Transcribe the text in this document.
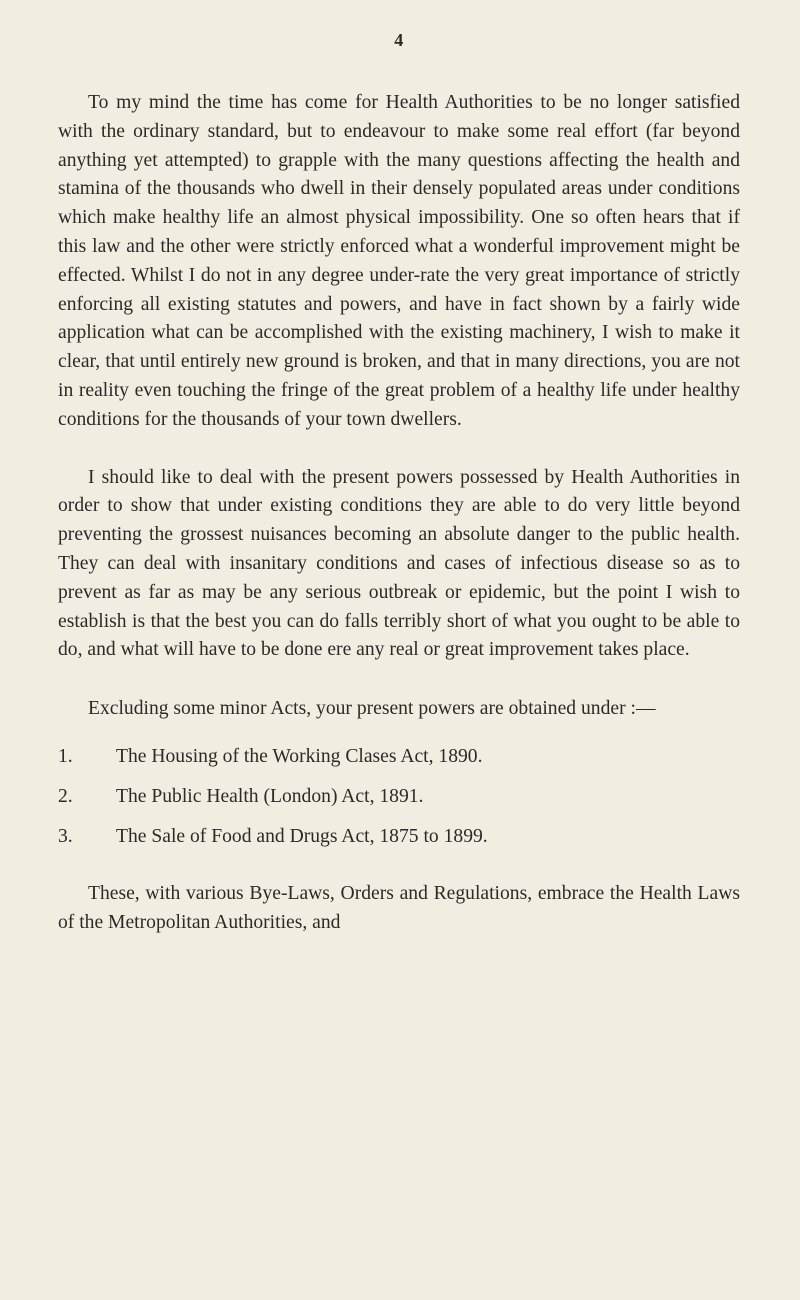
4

To my mind the time has come for Health Authorities to be no longer satisfied with the ordinary standard, but to endeavour to make some real effort (far beyond anything yet attempted) to grapple with the many questions affecting the health and stamina of the thousands who dwell in their densely populated areas under conditions which make healthy life an almost physical impossibility. One so often hears that if this law and the other were strictly enforced what a wonderful improvement might be effected. Whilst I do not in any degree under-rate the very great importance of strictly enforcing all existing statutes and powers, and have in fact shown by a fairly wide application what can be accomplished with the existing machinery, I wish to make it clear, that until entirely new ground is broken, and that in many directions, you are not in reality even touching the fringe of the great problem of a healthy life under healthy conditions for the thousands of your town dwellers.

I should like to deal with the present powers possessed by Health Authorities in order to show that under existing conditions they are able to do very little beyond preventing the grossest nuisances becoming an absolute danger to the public health. They can deal with insanitary conditions and cases of infectious disease so as to prevent as far as may be any serious outbreak or epidemic, but the point I wish to establish is that the best you can do falls terribly short of what you ought to be able to do, and what will have to be done ere any real or great improvement takes place.

Excluding some minor Acts, your present powers are obtained under :—

1.	The Housing of the Working Clases Act, 1890.
2.	The Public Health (London) Act, 1891.
3.	The Sale of Food and Drugs Act, 1875 to 1899.

These, with various Bye-Laws, Orders and Regulations, embrace the Health Laws of the Metropolitan Authorities, and
